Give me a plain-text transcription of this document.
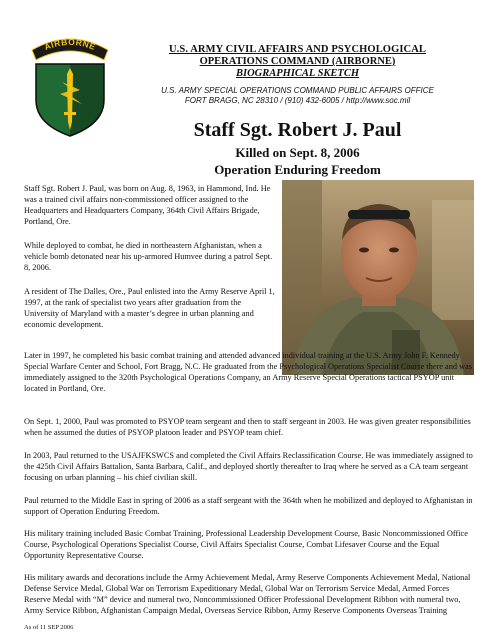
AIRBORNE	U.S. ARMY CIVIL AFFAIRS AND PSYCHOLOGICAL
OPERATIONS COMMAND (AIRBORNE)
BIOGRAPHICAL SKETCH
U.S. ARMY SPECIAL OPERATIONS COMMAND PUBLIC AFFAIRS OFFICE
FORT BRAGG, NC 28310 / (910) 432-6005 / http://www.soc.mil
Staff Sgt. Robert J. Paul
Killed on Sept. 8, 2006
Operation Enduring Freedom

Staff Sgt. Robert J. Paul, was born on Aug. 8, 1963, in Hammond, Ind. He was a trained civil affairs non-commissioned officer assigned to the Headquarters and Headquarters Company, 364th Civil Affairs Brigade, Portland, Ore.

While deployed to combat, he died in northeastern Afghanistan, when a vehicle bomb detonated near his up-armored Humvee during a patrol Sept. 8, 2006.

A resident of The Dalles, Ore., Paul enlisted into the Army Reserve April 1, 1997, at the rank of specialist two years after graduation from the University of Maryland with a master’s degree in urban planning and economic development.

Later in 1997, he completed his basic combat training and attended advanced individual training at the U.S. Army John F. Kennedy Special Warfare Center and School, Fort Bragg, N.C. He graduated from the Psychological Operations Specialist Course there and was immediately assigned to the 320th Psychological Operations Company, an Army Reserve Special Operations tactical PSYOP unit located in Portland, Ore.

On Sept. 1, 2000, Paul was promoted to PSYOP team sergeant and then to staff sergeant in 2003. He was given greater responsibilities when he assumed the duties of PSYOP platoon leader and PSYOP team chief.

In 2003, Paul returned to the USAJFKSWCS and completed the Civil Affairs Reclassification Course. He was immediately assigned to the 425th Civil Affairs Battalion, Santa Barbara, Calif., and deployed shortly thereafter to Iraq where he served as a CA team sergeant focusing on urban planning – his chief civilian skill.

Paul returned to the Middle East in spring of 2006 as a staff sergeant with the 364th when he mobilized and deployed to Afghanistan in support of Operation Enduring Freedom.

His military training included Basic Combat Training, Professional Leadership Development Course, Basic Noncommissioned Office Course, Psychological Operations Specialist Course, Civil Affairs Specialist Course, Combat Lifesaver Course and the Equal Opportunity Representative Course.

His military awards and decorations include the Army Achievement Medal, Army Reserve Components Achievement Medal, National Defense Service Medal, Global War on Terrorism Expeditionary Medal, Global War on Terrorism Service Medal, Armed Forces Reserve Medal with “M” device and numeral two, Noncommissioned Officer Professional Development Ribbon with numeral two, Army Service Ribbon, Afghanistan Campaign Medal, Overseas Service Ribbon, Army Reserve Components Overseas Training

As of 11 SEP 2006
